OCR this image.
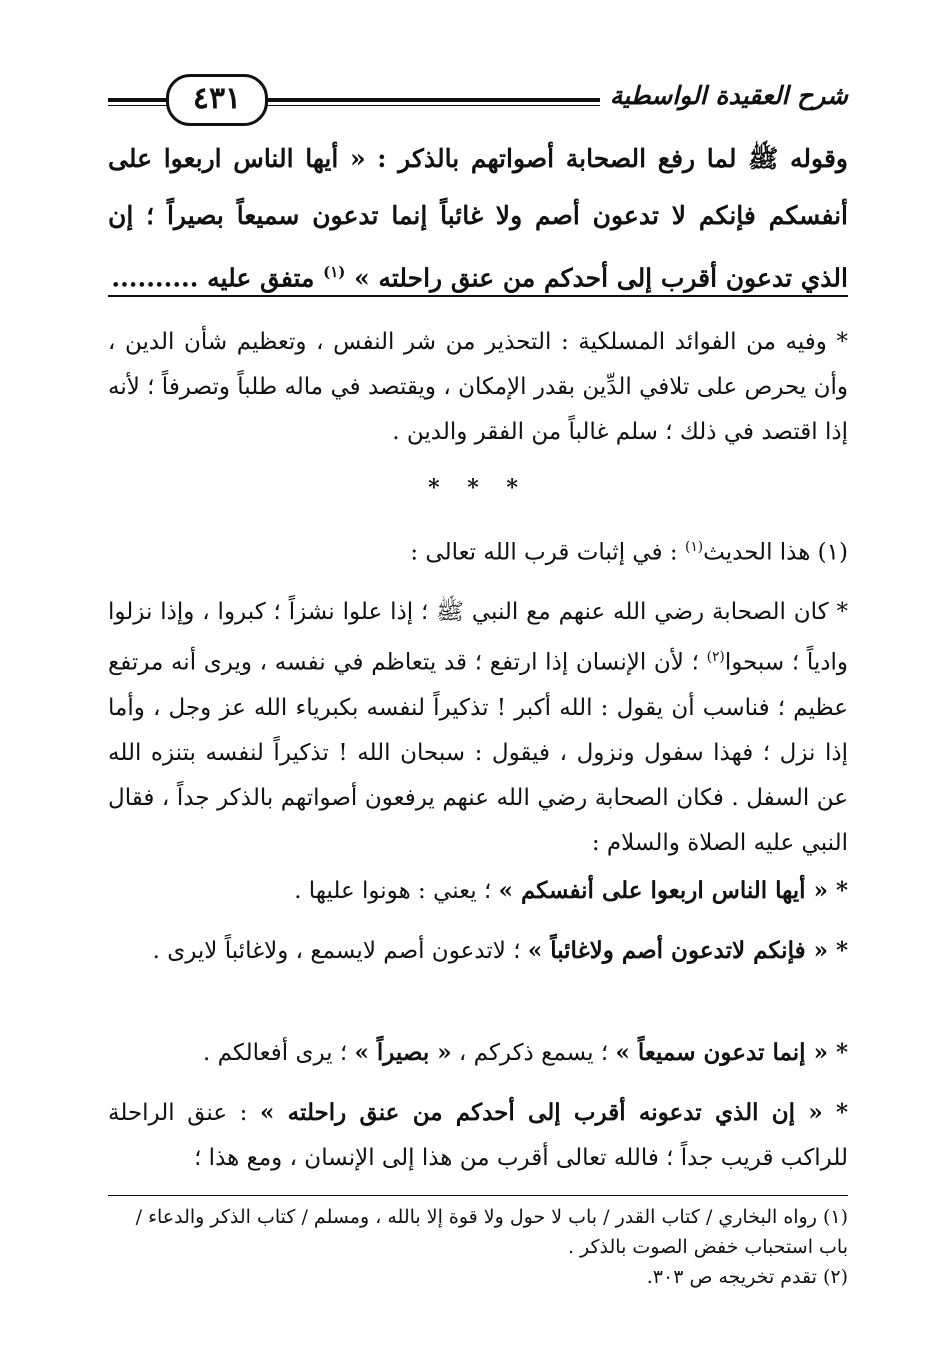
٤٣١	شرح العقيدة الواسطية
وقوله ﷺ لما رفع الصحابة أصواتهم بالذكر : « أيها الناس اربعوا على أنفسكم فإنكم لا تدعون أصم ولا غائباً إنما تدعون سميعاً بصيراً ؛ إن الذي تدعون أقرب إلى أحدكم من عنق راحلته » $^{(١)}$ متفق عليه ..........

* وفيه من الفوائد المسلكية : التحذير من شر النفس ، وتعظيم شأن الدين ، وأن يحرص على تلافي الدِّين بقدر الإمكان ، ويقتصد في ماله طلباً وتصرفاً ؛ لأنه إذا اقتصد في ذلك ؛ سلم غالباً من الفقر والدين .

* * *

(١) هذا الحديث$^{(١)}$ : في إثبات قرب الله تعالى :

* كان الصحابة رضي الله عنهم مع النبي ﷺ ؛ إذا علوا نشزاً ؛ كبروا ، وإذا نزلوا وادياً ؛ سبحوا$^{(٢)}$ ؛ لأن الإنسان إذا ارتفع ؛ قد يتعاظم في نفسه ، ويرى أنه مرتفع عظيم ؛ فناسب أن يقول : الله أكبر ! تذكيراً لنفسه بكبرياء الله عز وجل ، وأما إذا نزل ؛ فهذا سفول ونزول ، فيقول : سبحان الله ! تذكيراً لنفسه بتنزه الله عن السفل . فكان الصحابة رضي الله عنهم يرفعون أصواتهم بالذكر جداً ، فقال النبي عليه الصلاة والسلام :

* « أيها الناس اربعوا على أنفسكم » ؛ يعني : هونوا عليها .

* « فإنكم لاتدعون أصم ولاغائباً » ؛ لاتدعون أصم لايسمع ، ولاغائباً لايرى .

* « إنما تدعون سميعاً » ؛ يسمع ذكركم ، « بصيراً » ؛ يرى أفعالكم .

* « إن الذي تدعونه أقرب إلى أحدكم من عنق راحلته » : عنق الراحلة للراكب قريب جداً ؛ فالله تعالى أقرب من هذا إلى الإنسان ، ومع هذا ؛

(١) رواه البخاري / كتاب القدر / باب لا حول ولا قوة إلا بالله ، ومسلم / كتاب الذكر والدعاء / باب استحباب خفض الصوت بالذكر .

(٢) تقدم تخريجه ص ٣٠٣.
